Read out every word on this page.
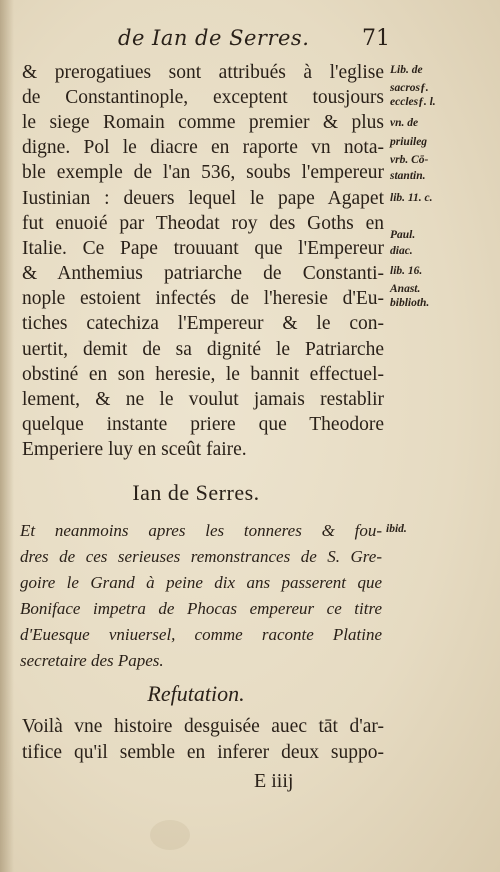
de Ian de Serres.	71
& prerogatiues sont attribués à l'eglise
de Constantinople, exceptent tousjours
le siege Romain comme premier & plus
digne. Pol le diacre en raporte vn nota-
ble exemple de l'an 536, soubs l'empereur
Iustinian : deuers lequel le pape Agapet
fut enuoié par Theodat roy des Goths en
Italie. Ce Pape trouuant que l'Empereur
& Anthemius patriarche de Constanti-
nople estoient infectés de l'heresie d'Eu-
tiches catechiza l'Empereur & le con-
uertit, demit de sa dignité le Patriarche
obstiné en son heresie, le bannit effectuel-
lement, & ne le voulut jamais restablir
quelque instante priere que Theodore
Emperiere luy en sceût faire.
Lib. de
sacrosƒ.
ecclesƒ. l.
vn. de
priuileg
vrb. Cō-
stantin.
lib. 11. c.
Paul.
diac.
lib. 16.
Anast.
biblioth.
Ian de Serres.
Et neanmoins apres les tonneres & fou-
dres de ces serieuses remonstrances de S. Gre-
goire le Grand à peine dix ans passerent que
Boniface impetra de Phocas empereur ce titre
d'Euesque vniuersel, comme raconte Platine
secretaire des Papes.
ibid.
Refutation.
Voilà vne histoire desguisée auec tāt d'ar-
tifice qu'il semble en inferer deux suppo-
E iiij
